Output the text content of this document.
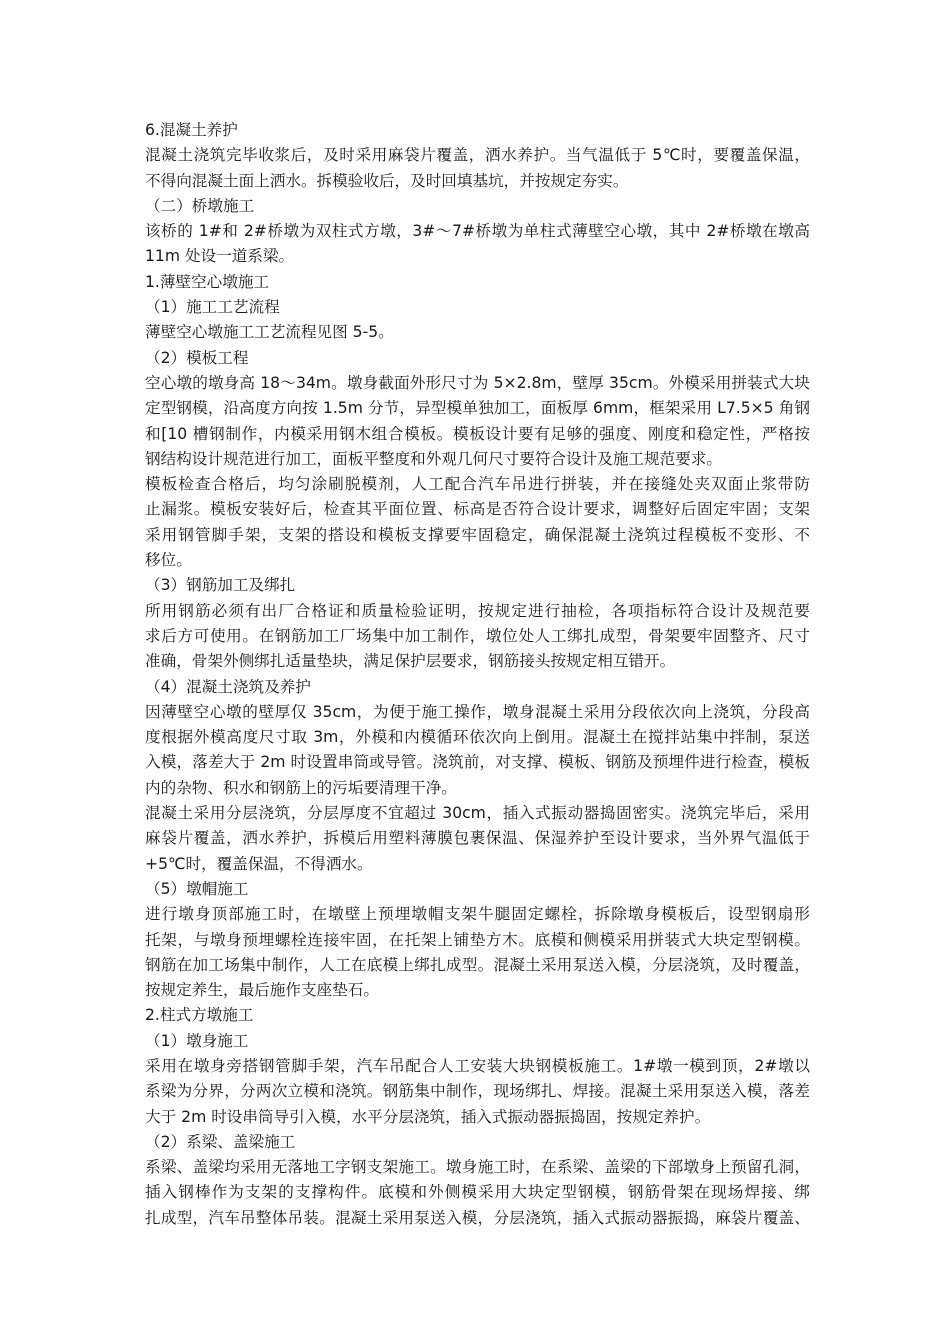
6.混凝土养护
混凝土浇筑完毕收浆后，及时采用麻袋片覆盖，洒水养护。当气温低于 5℃时，要覆盖保温，
不得向混凝土面上洒水。拆模验收后，及时回填基坑，并按规定夯实。
（二）桥墩施工
该桥的 1#和 2#桥墩为双柱式方墩，3#～7#桥墩为单柱式薄壁空心墩，其中 2#桥墩在墩高
11m 处设一道系梁。
1.薄壁空心墩施工
（1）施工工艺流程
薄壁空心墩施工工艺流程见图 5-5。
（2）模板工程
空心墩的墩身高 18～34m。墩身截面外形尺寸为 5×2.8m，壁厚 35cm。外模采用拼装式大块
定型钢模，沿高度方向按 1.5m 分节，异型模单独加工，面板厚 6mm，框架采用 L7.5×5 角钢
和[10 槽钢制作，内模采用钢木组合模板。模板设计要有足够的强度、刚度和稳定性，严格按
钢结构设计规范进行加工，面板平整度和外观几何尺寸要符合设计及施工规范要求。
模板检查合格后，均匀涂刷脱模剂，人工配合汽车吊进行拼装，并在接缝处夹双面止浆带防
止漏浆。模板安装好后，检查其平面位置、标高是否符合设计要求，调整好后固定牢固；支架
采用钢管脚手架，支架的搭设和模板支撑要牢固稳定，确保混凝土浇筑过程模板不变形、不
移位。
（3）钢筋加工及绑扎
所用钢筋必须有出厂合格证和质量检验证明，按规定进行抽检，各项指标符合设计及规范要
求后方可使用。在钢筋加工厂场集中加工制作，墩位处人工绑扎成型，骨架要牢固整齐、尺寸
准确，骨架外侧绑扎适量垫块，满足保护层要求，钢筋接头按规定相互错开。
（4）混凝土浇筑及养护
因薄壁空心墩的壁厚仅 35cm，为便于施工操作，墩身混凝土采用分段依次向上浇筑，分段高
度根据外模高度尺寸取 3m，外模和内模循环依次向上倒用。混凝土在搅拌站集中拌制，泵送
入模，落差大于 2m 时设置串筒或导管。浇筑前，对支撑、模板、钢筋及预埋件进行检查，模板
内的杂物、积水和钢筋上的污垢要清理干净。
混凝土采用分层浇筑，分层厚度不宜超过 30cm，插入式振动器捣固密实。浇筑完毕后，采用
麻袋片覆盖，洒水养护，拆模后用塑料薄膜包裹保温、保湿养护至设计要求，当外界气温低于
+5℃时，覆盖保温，不得洒水。
（5）墩帽施工
进行墩身顶部施工时，在墩壁上预埋墩帽支架牛腿固定螺栓，拆除墩身模板后，设型钢扇形
托架，与墩身预埋螺栓连接牢固，在托架上铺垫方木。底模和侧模采用拼装式大块定型钢模。
钢筋在加工场集中制作，人工在底模上绑扎成型。混凝土采用泵送入模，分层浇筑，及时覆盖，
按规定养生，最后施作支座垫石。
2.柱式方墩施工
（1）墩身施工
采用在墩身旁搭钢管脚手架，汽车吊配合人工安装大块钢模板施工。1#墩一模到顶，2#墩以
系梁为分界，分两次立模和浇筑。钢筋集中制作，现场绑扎、焊接。混凝土采用泵送入模，落差
大于 2m 时设串筒导引入模，水平分层浇筑，插入式振动器振捣固，按规定养护。
（2）系梁、盖梁施工
系梁、盖梁均采用无落地工字钢支架施工。墩身施工时，在系梁、盖梁的下部墩身上预留孔洞，
插入钢棒作为支架的支撑构件。底模和外侧模采用大块定型钢模，钢筋骨架在现场焊接、绑
扎成型，汽车吊整体吊装。混凝土采用泵送入模，分层浇筑，插入式振动器振捣，麻袋片覆盖、
